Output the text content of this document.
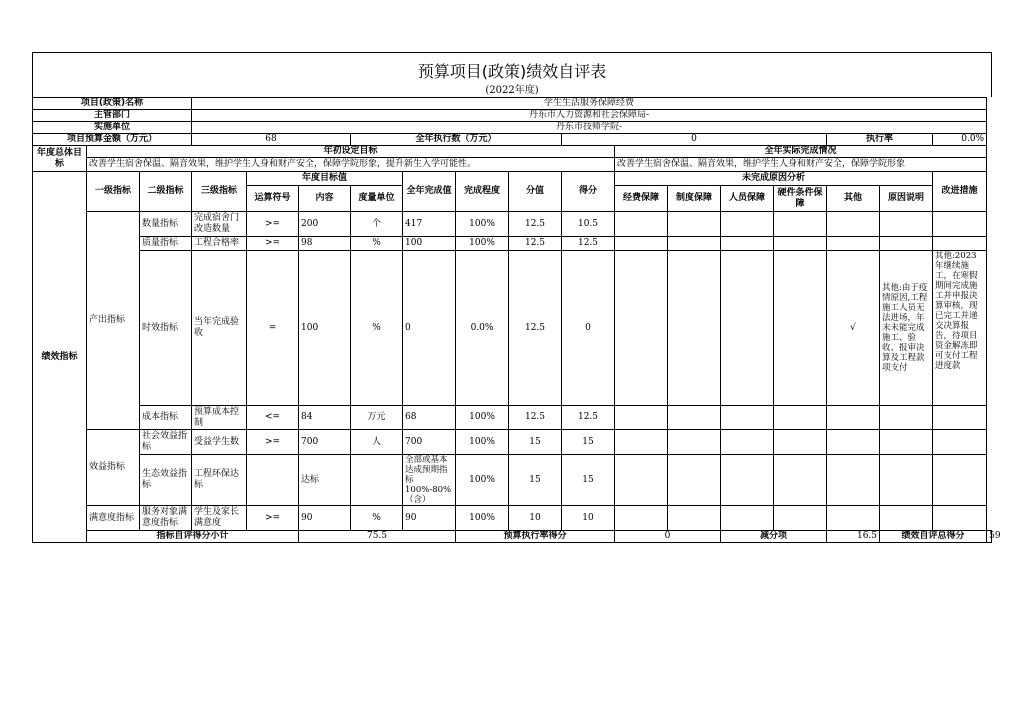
预算项目(政策)绩效自评表
(2022年度)
项目(政策)名称			学生生活服务保障经费															
主管部门			丹东市人力资源和社会保障局-															
实施单位			丹东市技师学院-															
项目预算金额（万元）			68			全年执行数（万元）				0					执行率		0.0%	
年度总体目标	年初设定目标										全年实际完成情况							
	改善学生宿舍保温、隔音效果，维护学生人身和财产安全，保障学院形象，提升新生入学可能性。										改善学生宿舍保温、隔音效果，维护学生人身和财产安全，保障学院形象							
绩效指标	一级指标	二级指标	三级指标	年度目标值			全年完成值	完成程度	分值	得分	未完成原因分析						改进措施	
				运算符号	内容	度量单位					经费保障	制度保障	人员保障	硬件条件保障	其他	原因说明		
	产出指标	数量指标	完成宿舍门改造数量	>=	200	个	417	100%	12.5	10.5								
		质量指标	工程合格率	>=	98	%	100	100%	12.5	12.5								
		时效指标	当年完成验收	=	100	%	0	0.0%	12.5	0					√	其他:由于疫情原因,工程施工人员无法进场，年末未能完成施工、验收、报审决算及工程款项支付	其他:2023年继续施工，在寒假期间完成施工并申报决算审核，现已完工并递交决算报告，待项目资金解冻即可支付工程进度款	
		成本指标	预算成本控制	<=	84	万元	68	100%	12.5	12.5								
	效益指标	社会效益指标	受益学生数	>=	700	人	700	100%	15	15								
		生态效益指标	工程环保达标		达标		全部或基本达成预期指标100%-80%（含）	100%	15	15								
	满意度指标	服务对象满意度指标	学生及家长满意度	>=	90	%	90	100%	10	10								
	指标自评得分小计				75.5			预算执行率得分			0		减分项		16.5	绩效自评总得分		59
